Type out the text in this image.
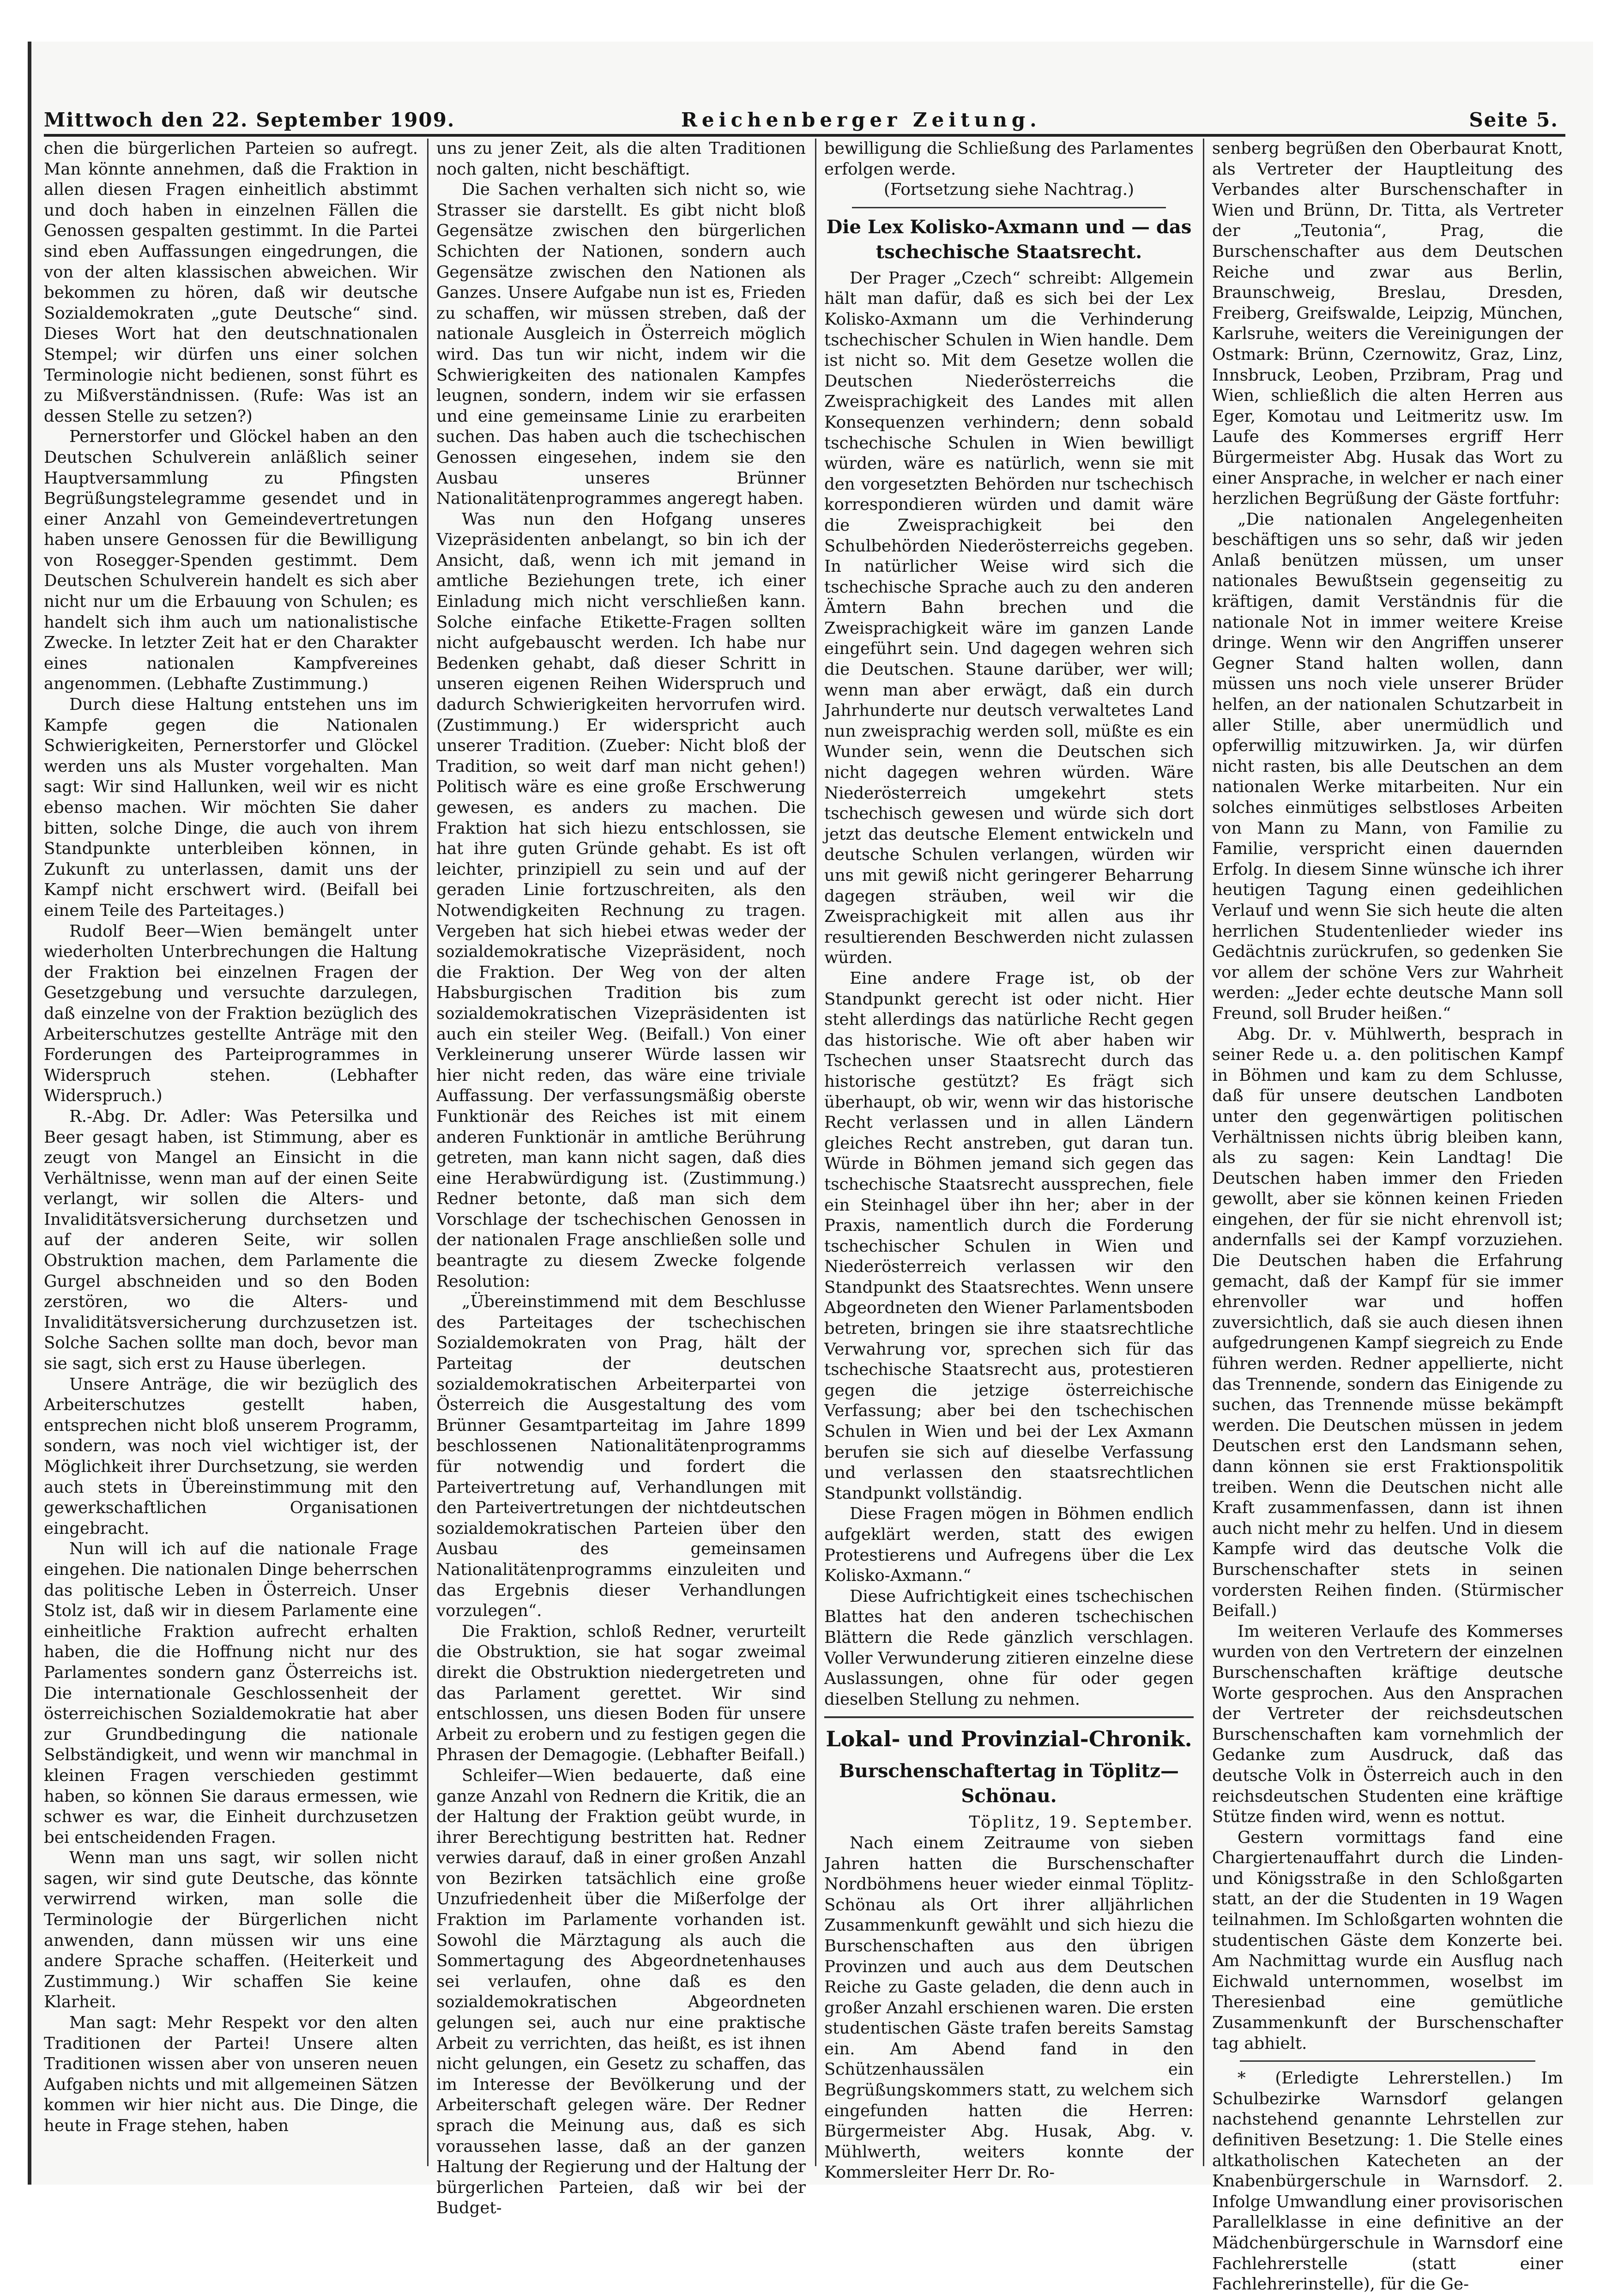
Mittwoch den 22. September 1909.	Reichenberger Zeitung.	Seite 5.

chen die bürgerlichen Parteien so aufregt. Man könnte annehmen, daß die Fraktion in allen diesen Fragen einheitlich abstimmt und doch haben in einzelnen Fällen die Genossen gespalten gestimmt. In die Partei sind eben Auffassungen eingedrungen, die von der alten klassischen abweichen. Wir bekommen zu hören, daß wir deutsche Sozialdemokraten „gute Deutsche“ sind. Dieses Wort hat den deutschnationalen Stempel; wir dürfen uns einer solchen Terminologie nicht bedienen, sonst führt es zu Mißverständnissen. (Rufe: Was ist an dessen Stelle zu setzen?)

Pernerstorfer und Glöckel haben an den Deutschen Schulverein anläßlich seiner Hauptversammlung zu Pfingsten Begrüßungstelegramme gesendet und in einer Anzahl von Gemeindevertretungen haben unsere Genossen für die Bewilligung von Rosegger-Spenden gestimmt. Dem Deutschen Schulverein handelt es sich aber nicht nur um die Erbauung von Schulen; es handelt sich ihm auch um nationalistische Zwecke. In letzter Zeit hat er den Charakter eines nationalen Kampfvereines angenommen. (Lebhafte Zustimmung.)

Durch diese Haltung entstehen uns im Kampfe gegen die Nationalen Schwierigkeiten, Pernerstorfer und Glöckel werden uns als Muster vorgehalten. Man sagt: Wir sind Hallunken, weil wir es nicht ebenso machen. Wir möchten Sie daher bitten, solche Dinge, die auch von ihrem Standpunkte unterbleiben können, in Zukunft zu unterlassen, damit uns der Kampf nicht erschwert wird. (Beifall bei einem Teile des Parteitages.)

Rudolf Beer—Wien bemängelt unter wiederholten Unterbrechungen die Haltung der Fraktion bei einzelnen Fragen der Gesetzgebung und versuchte darzulegen, daß einzelne von der Fraktion bezüglich des Arbeiterschutzes gestellte Anträge mit den Forderungen des Parteiprogrammes in Widerspruch stehen. (Lebhafter Widerspruch.)

R.-Abg. Dr. Adler: Was Petersilka und Beer gesagt haben, ist Stimmung, aber es zeugt von Mangel an Einsicht in die Verhältnisse, wenn man auf der einen Seite verlangt, wir sollen die Alters- und Invaliditätsversicherung durchsetzen und auf der anderen Seite, wir sollen Obstruktion machen, dem Parlamente die Gurgel abschneiden und so den Boden zerstören, wo die Alters- und Invaliditätsversicherung durchzusetzen ist. Solche Sachen sollte man doch, bevor man sie sagt, sich erst zu Hause überlegen.

Unsere Anträge, die wir bezüglich des Arbeiterschutzes gestellt haben, entsprechen nicht bloß unserem Programm, sondern, was noch viel wichtiger ist, der Möglichkeit ihrer Durchsetzung, sie werden auch stets in Übereinstimmung mit den gewerkschaftlichen Organisationen eingebracht.

Nun will ich auf die nationale Frage eingehen. Die nationalen Dinge beherrschen das politische Leben in Österreich. Unser Stolz ist, daß wir in diesem Parlamente eine einheitliche Fraktion aufrecht erhalten haben, die die Hoffnung nicht nur des Parlamentes sondern ganz Österreichs ist. Die internationale Geschlossenheit der österreichischen Sozialdemokratie hat aber zur Grundbedingung die nationale Selbständigkeit, und wenn wir manchmal in kleinen Fragen verschieden gestimmt haben, so können Sie daraus ermessen, wie schwer es war, die Einheit durchzusetzen bei entscheidenden Fragen.

Wenn man uns sagt, wir sollen nicht sagen, wir sind gute Deutsche, das könnte verwirrend wirken, man solle die Terminologie der Bürgerlichen nicht anwenden, dann müssen wir uns eine andere Sprache schaffen. (Heiterkeit und Zustimmung.) Wir schaffen Sie keine Klarheit.

Man sagt: Mehr Respekt vor den alten Traditionen der Partei! Unsere alten Traditionen wissen aber von unseren neuen Aufgaben nichts und mit allgemeinen Sätzen kommen wir hier nicht aus. Die Dinge, die heute in Frage stehen, haben

uns zu jener Zeit, als die alten Traditionen noch galten, nicht beschäftigt.

Die Sachen verhalten sich nicht so, wie Strasser sie darstellt. Es gibt nicht bloß Gegensätze zwischen den bürgerlichen Schichten der Nationen, sondern auch Gegensätze zwischen den Nationen als Ganzes. Unsere Aufgabe nun ist es, Frieden zu schaffen, wir müssen streben, daß der nationale Ausgleich in Österreich möglich wird. Das tun wir nicht, indem wir die Schwierigkeiten des nationalen Kampfes leugnen, sondern, indem wir sie erfassen und eine gemeinsame Linie zu erarbeiten suchen. Das haben auch die tschechischen Genossen eingesehen, indem sie den Ausbau unseres Brünner Nationalitätenprogrammes angeregt haben.

Was nun den Hofgang unseres Vizepräsidenten anbelangt, so bin ich der Ansicht, daß, wenn ich mit jemand in amtliche Beziehungen trete, ich einer Einladung mich nicht verschließen kann. Solche einfache Etikette-Fragen sollten nicht aufgebauscht werden. Ich habe nur Bedenken gehabt, daß dieser Schritt in unseren eigenen Reihen Widerspruch und dadurch Schwierigkeiten hervorrufen wird. (Zustimmung.) Er widerspricht auch unserer Tradition. (Zueber: Nicht bloß der Tradition, so weit darf man nicht gehen!) Politisch wäre es eine große Erschwerung gewesen, es anders zu machen. Die Fraktion hat sich hiezu entschlossen, sie hat ihre guten Gründe gehabt. Es ist oft leichter, prinzipiell zu sein und auf der geraden Linie fortzuschreiten, als den Notwendigkeiten Rechnung zu tragen. Vergeben hat sich hiebei etwas weder der sozialdemokratische Vizepräsident, noch die Fraktion. Der Weg von der alten Habsburgischen Tradition bis zum sozialdemokratischen Vizepräsidenten ist auch ein steiler Weg. (Beifall.) Von einer Verkleinerung unserer Würde lassen wir hier nicht reden, das wäre eine triviale Auffassung. Der verfassungsmäßig oberste Funktionär des Reiches ist mit einem anderen Funktionär in amtliche Berührung getreten, man kann nicht sagen, daß dies eine Herabwürdigung ist. (Zustimmung.) Redner betonte, daß man sich dem Vorschlage der tschechischen Genossen in der nationalen Frage anschließen solle und beantragte zu diesem Zwecke folgende Resolution:

„Übereinstimmend mit dem Beschlusse des Parteitages der tschechischen Sozialdemokraten von Prag, hält der Parteitag der deutschen sozialdemokratischen Arbeiterpartei von Österreich die Ausgestaltung des vom Brünner Gesamtparteitag im Jahre 1899 beschlossenen Nationalitätenprogramms für notwendig und fordert die Parteivertretung auf, Verhandlungen mit den Parteivertretungen der nichtdeutschen sozialdemokratischen Parteien über den Ausbau des gemeinsamen Nationalitätenprogramms einzuleiten und das Ergebnis dieser Verhandlungen vorzulegen“.

Die Fraktion, schloß Redner, verurteilt die Obstruktion, sie hat sogar zweimal direkt die Obstruktion niedergetreten und das Parlament gerettet. Wir sind entschlossen, uns diesen Boden für unsere Arbeit zu erobern und zu festigen gegen die Phrasen der Demagogie. (Lebhafter Beifall.)

Schleifer—Wien bedauerte, daß eine ganze Anzahl von Rednern die Kritik, die an der Haltung der Fraktion geübt wurde, in ihrer Berechtigung bestritten hat. Redner verwies darauf, daß in einer großen Anzahl von Bezirken tatsächlich eine große Unzufriedenheit über die Mißerfolge der Fraktion im Parlamente vorhanden ist. Sowohl die Märztagung als auch die Sommertagung des Abgeordnetenhauses sei verlaufen, ohne daß es den sozialdemokratischen Abgeordneten gelungen sei, auch nur eine praktische Arbeit zu verrichten, das heißt, es ist ihnen nicht gelungen, ein Gesetz zu schaffen, das im Interesse der Bevölkerung und der Arbeiterschaft gelegen wäre. Der Redner sprach die Meinung aus, daß es sich voraussehen lasse, daß an der ganzen Haltung der Regierung und der Haltung der bürgerlichen Parteien, daß wir bei der Budget-

bewilligung die Schließung des Parlamentes erfolgen werde.

(Fortsetzung siehe Nachtrag.)

Die Lex Kolisko-Axmann und — das tschechische Staatsrecht.

Der Prager „Czech“ schreibt: Allgemein hält man dafür, daß es sich bei der Lex Kolisko-Axmann um die Verhinderung tschechischer Schulen in Wien handle. Dem ist nicht so. Mit dem Gesetze wollen die Deutschen Niederösterreichs die Zweisprachigkeit des Landes mit allen Konsequenzen verhindern; denn sobald tschechische Schulen in Wien bewilligt würden, wäre es natürlich, wenn sie mit den vorgesetzten Behörden nur tschechisch korrespondieren würden und damit wäre die Zweisprachigkeit bei den Schulbehörden Niederösterreichs gegeben. In natürlicher Weise wird sich die tschechische Sprache auch zu den anderen Ämtern Bahn brechen und die Zweisprachigkeit wäre im ganzen Lande eingeführt sein. Und dagegen wehren sich die Deutschen. Staune darüber, wer will; wenn man aber erwägt, daß ein durch Jahrhunderte nur deutsch verwaltetes Land nun zweisprachig werden soll, müßte es ein Wunder sein, wenn die Deutschen sich nicht dagegen wehren würden. Wäre Niederösterreich umgekehrt stets tschechisch gewesen und würde sich dort jetzt das deutsche Element entwickeln und deutsche Schulen verlangen, würden wir uns mit gewiß nicht geringerer Beharrung dagegen sträuben, weil wir die Zweisprachigkeit mit allen aus ihr resultierenden Beschwerden nicht zulassen würden.

Eine andere Frage ist, ob der Standpunkt gerecht ist oder nicht. Hier steht allerdings das natürliche Recht gegen das historische. Wie oft aber haben wir Tschechen unser Staatsrecht durch das historische gestützt? Es frägt sich überhaupt, ob wir, wenn wir das historische Recht verlassen und in allen Ländern gleiches Recht anstreben, gut daran tun. Würde in Böhmen jemand sich gegen das tschechische Staatsrecht aussprechen, fiele ein Steinhagel über ihn her; aber in der Praxis, namentlich durch die Forderung tschechischer Schulen in Wien und Niederösterreich verlassen wir den Standpunkt des Staatsrechtes. Wenn unsere Abgeordneten den Wiener Parlamentsboden betreten, bringen sie ihre staatsrechtliche Verwahrung vor, sprechen sich für das tschechische Staatsrecht aus, protestieren gegen die jetzige österreichische Verfassung; aber bei den tschechischen Schulen in Wien und bei der Lex Axmann berufen sie sich auf dieselbe Verfassung und verlassen den staatsrechtlichen Standpunkt vollständig.

Diese Fragen mögen in Böhmen endlich aufgeklärt werden, statt des ewigen Protestierens und Aufregens über die Lex Kolisko-Axmann.“

Diese Aufrichtigkeit eines tschechischen Blattes hat den anderen tschechischen Blättern die Rede gänzlich verschlagen. Voller Verwunderung zitieren einzelne diese Auslassungen, ohne für oder gegen dieselben Stellung zu nehmen.

Lokal- und Provinzial-Chronik.
Burschenschaftertag in Töplitz—Schönau.

Töplitz, 19. September.

Nach einem Zeitraume von sieben Jahren hatten die Burschenschafter Nordböhmens heuer wieder einmal Töplitz-Schönau als Ort ihrer alljährlichen Zusammenkunft gewählt und sich hiezu die Burschenschaften aus den übrigen Provinzen und auch aus dem Deutschen Reiche zu Gaste geladen, die denn auch in großer Anzahl erschienen waren. Die ersten studentischen Gäste trafen bereits Samstag ein. Am Abend fand in den Schützenhaussälen ein Begrüßungskommers statt, zu welchem sich eingefunden hatten die Herren: Bürgermeister Abg. Husak, Abg. v. Mühlwerth, weiters konnte der Kommersleiter Herr Dr. Ro-

senberg begrüßen den Oberbaurat Knott, als Vertreter der Hauptleitung des Verbandes alter Burschenschafter in Wien und Brünn, Dr. Titta, als Vertreter der „Teutonia“, Prag, die Burschenschafter aus dem Deutschen Reiche und zwar aus Berlin, Braunschweig, Breslau, Dresden, Freiberg, Greifswalde, Leipzig, München, Karlsruhe, weiters die Vereinigungen der Ostmark: Brünn, Czernowitz, Graz, Linz, Innsbruck, Leoben, Przibram, Prag und Wien, schließlich die alten Herren aus Eger, Komotau und Leitmeritz usw. Im Laufe des Kommerses ergriff Herr Bürgermeister Abg. Husak das Wort zu einer Ansprache, in welcher er nach einer herzlichen Begrüßung der Gäste fortfuhr:

„Die nationalen Angelegenheiten beschäftigen uns so sehr, daß wir jeden Anlaß benützen müssen, um unser nationales Bewußtsein gegenseitig zu kräftigen, damit Verständnis für die nationale Not in immer weitere Kreise dringe. Wenn wir den Angriffen unserer Gegner Stand halten wollen, dann müssen uns noch viele unserer Brüder helfen, an der nationalen Schutzarbeit in aller Stille, aber unermüdlich und opferwillig mitzuwirken. Ja, wir dürfen nicht rasten, bis alle Deutschen an dem nationalen Werke mitarbeiten. Nur ein solches einmütiges selbstloses Arbeiten von Mann zu Mann, von Familie zu Familie, verspricht einen dauernden Erfolg. In diesem Sinne wünsche ich ihrer heutigen Tagung einen gedeihlichen Verlauf und wenn Sie sich heute die alten herrlichen Studentenlieder wieder ins Gedächtnis zurückrufen, so gedenken Sie vor allem der schöne Vers zur Wahrheit werden: „Jeder echte deutsche Mann soll Freund, soll Bruder heißen.“

Abg. Dr. v. Mühlwerth, besprach in seiner Rede u. a. den politischen Kampf in Böhmen und kam zu dem Schlusse, daß für unsere deutschen Landboten unter den gegenwärtigen politischen Verhältnissen nichts übrig bleiben kann, als zu sagen: Kein Landtag! Die Deutschen haben immer den Frieden gewollt, aber sie können keinen Frieden eingehen, der für sie nicht ehrenvoll ist; andernfalls sei der Kampf vorzuziehen. Die Deutschen haben die Erfahrung gemacht, daß der Kampf für sie immer ehrenvoller war und hoffen zuversichtlich, daß sie auch diesen ihnen aufgedrungenen Kampf siegreich zu Ende führen werden. Redner appellierte, nicht das Trennende, sondern das Einigende zu suchen, das Trennende müsse bekämpft werden. Die Deutschen müssen in jedem Deutschen erst den Landsmann sehen, dann können sie erst Fraktionspolitik treiben. Wenn die Deutschen nicht alle Kraft zusammenfassen, dann ist ihnen auch nicht mehr zu helfen. Und in diesem Kampfe wird das deutsche Volk die Burschenschafter stets in seinen vordersten Reihen finden. (Stürmischer Beifall.)

Im weiteren Verlaufe des Kommerses wurden von den Vertretern der einzelnen Burschenschaften kräftige deutsche Worte gesprochen. Aus den Ansprachen der Vertreter der reichsdeutschen Burschenschaften kam vornehmlich der Gedanke zum Ausdruck, daß das deutsche Volk in Österreich auch in den reichsdeutschen Studenten eine kräftige Stütze finden wird, wenn es nottut.

Gestern vormittags fand eine Chargiertenauffahrt durch die Linden- und Königsstraße in den Schloßgarten statt, an der die Studenten in 19 Wagen teilnahmen. Im Schloßgarten wohnten die studentischen Gäste dem Konzerte bei. Am Nachmittag wurde ein Ausflug nach Eichwald unternommen, woselbst im Theresienbad eine gemütliche Zusammenkunft der Burschenschafter tag abhielt.

* (Erledigte Lehrerstellen.) Im Schulbezirke Warnsdorf gelangen nachstehend genannte Lehrstellen zur definitiven Besetzung: 1. Die Stelle eines altkatholischen Katecheten an der Knabenbürgerschule in Warnsdorf. 2. Infolge Umwandlung einer provisorischen Parallelklasse in eine definitive an der Mädchenbürgerschule in Warnsdorf eine Fachlehrerstelle (statt einer Fachlehrerinstelle), für die Ge-
